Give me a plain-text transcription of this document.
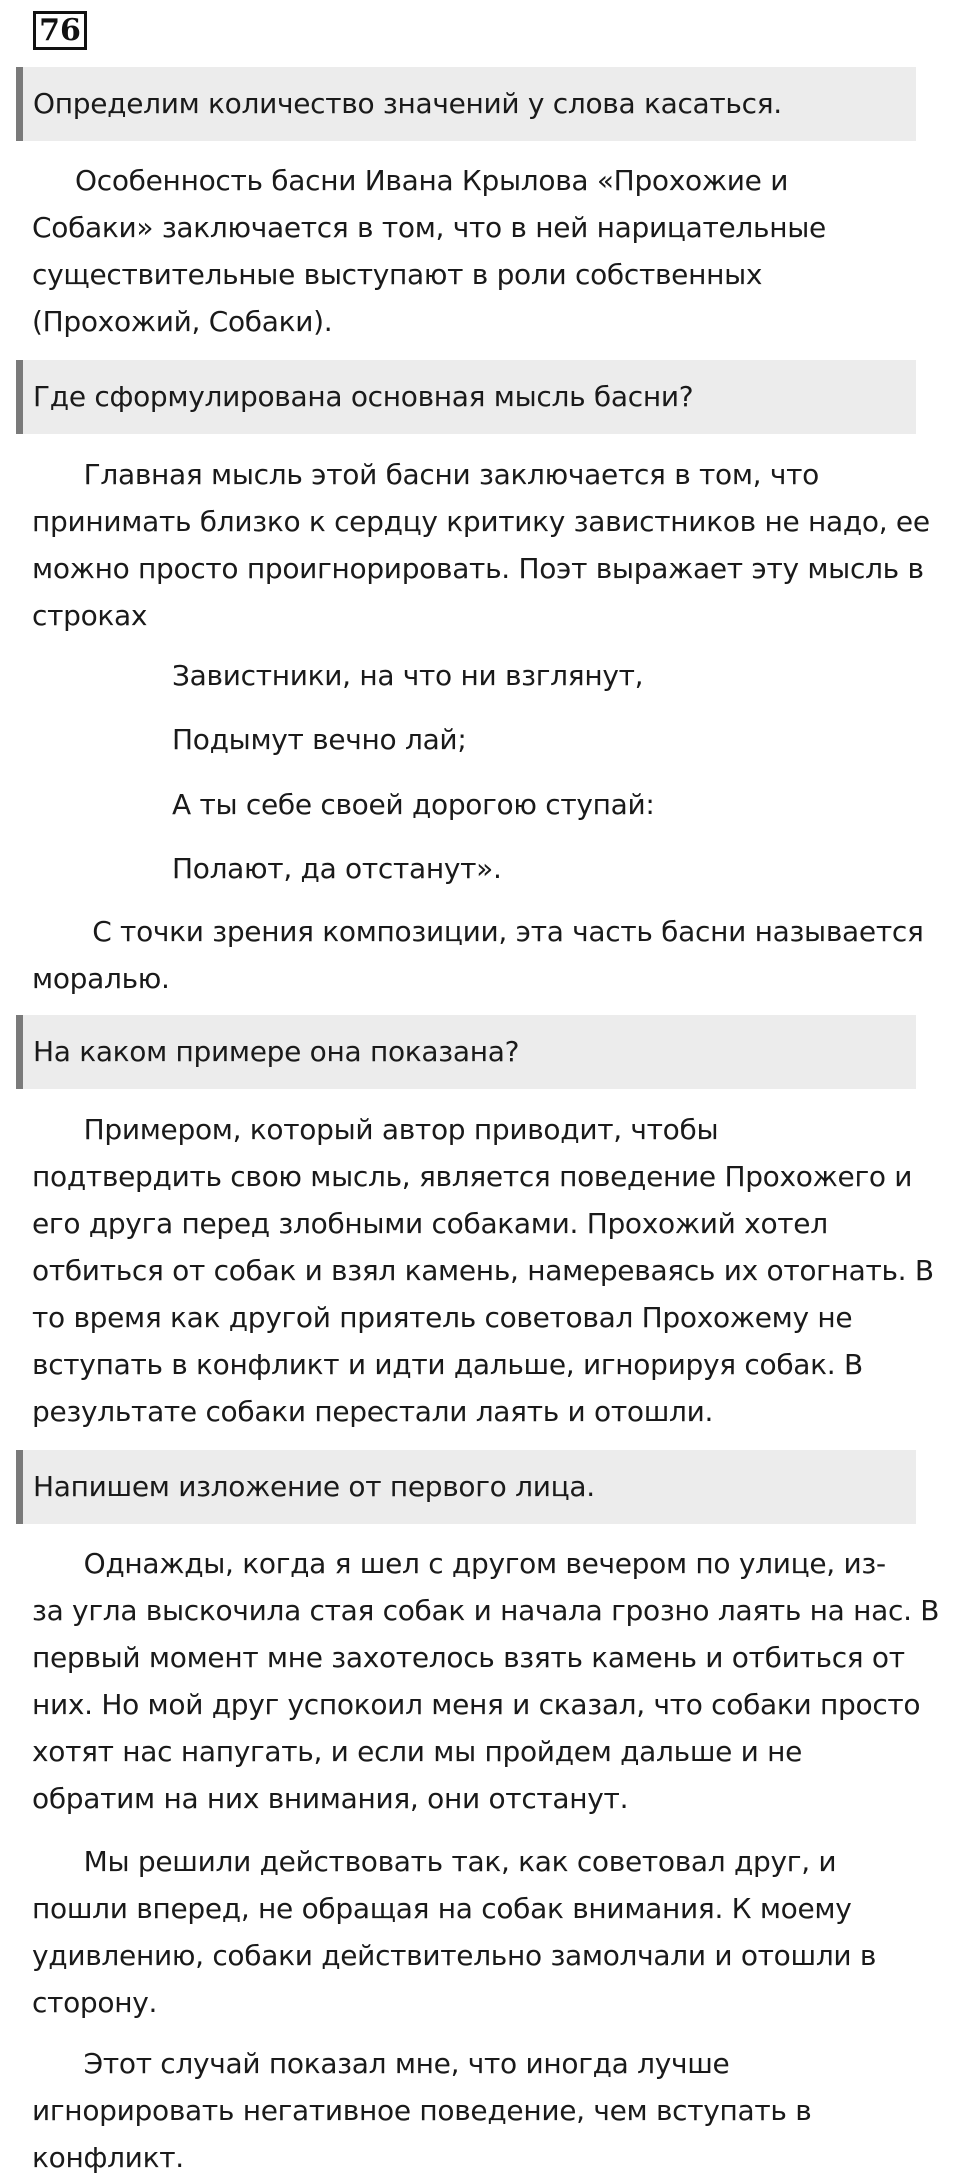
76
Определим количество значений у слова касаться.
Особенность басни Ивана Крылова «Прохожие и
Собаки» заключается в том, что в ней нарицательные
существительные выступают в роли собственных
(Прохожий, Собаки).
Где сформулирована основная мысль басни?
Главная мысль этой басни заключается в том, что
принимать близко к сердцу критику завистников не надо, ее
можно просто проигнорировать. Поэт выражает эту мысль в
строках
Завистники, на что ни взглянут,
Подымут вечно лай;
А ты себе своей дорогою ступай:
Полают, да отстанут».
С точки зрения композиции, эта часть басни называется
моралью.
На каком примере она показана?
Примером, который автор приводит, чтобы
подтвердить свою мысль, является поведение Прохожего и
его друга перед злобными собаками. Прохожий хотел
отбиться от собак и взял камень, намереваясь их отогнать. В
то время как другой приятель советовал Прохожему не
вступать в конфликт и идти дальше, игнорируя собак. В
результате собаки перестали лаять и отошли.
Напишем изложение от первого лица.
Однажды, когда я шел с другом вечером по улице, из-
за угла выскочила стая собак и начала грозно лаять на нас. В
первый момент мне захотелось взять камень и отбиться от
них. Но мой друг успокоил меня и сказал, что собаки просто
хотят нас напугать, и если мы пройдем дальше и не
обратим на них внимания, они отстанут.
Мы решили действовать так, как советовал друг, и
пошли вперед, не обращая на собак внимания. К моему
удивлению, собаки действительно замолчали и отошли в
сторону.
Этот случай показал мне, что иногда лучше
игнорировать негативное поведение, чем вступать в
конфликт.
